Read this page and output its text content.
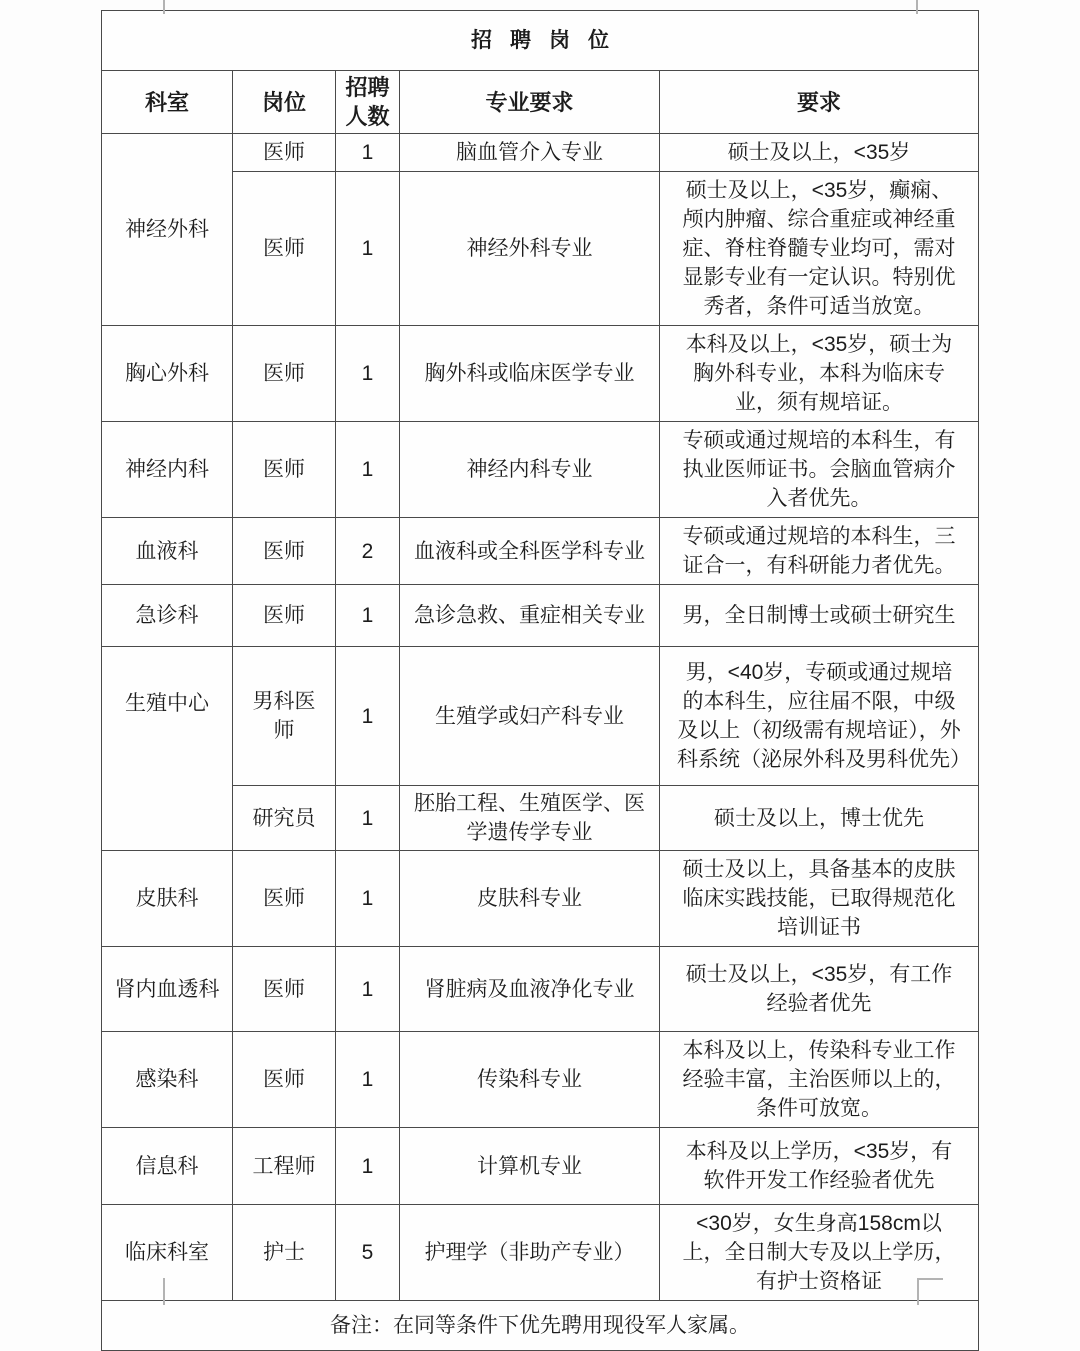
招聘岗位				
科室	岗位	招聘人数	专业要求	要求
神经外科	医师	1	脑血管介入专业	硕士及以上，<35岁
	医师	1	神经外科专业	硕士及以上，<35岁，癫痫、颅内肿瘤、综合重症或神经重症、脊柱脊髓专业均可，需对显影专业有一定认识。特别优秀者，条件可适当放宽。
胸心外科	医师	1	胸外科或临床医学专业	本科及以上，<35岁，硕士为胸外科专业，本科为临床专业，须有规培证。
神经内科	医师	1	神经内科专业	专硕或通过规培的本科生，有执业医师证书。会脑血管病介入者优先。
血液科	医师	2	血液科或全科医学科专业	专硕或通过规培的本科生，三证合一，有科研能力者优先。
急诊科	医师	1	急诊急救、重症相关专业	男，全日制博士或硕士研究生
生殖中心	男科医师	1	生殖学或妇产科专业	男，<40岁，专硕或通过规培的本科生，应往届不限，中级及以上（初级需有规培证），外科系统（泌尿外科及男科优先）
	研究员	1	胚胎工程、生殖医学、医学遗传学专业	硕士及以上，博士优先
皮肤科	医师	1	皮肤科专业	硕士及以上，具备基本的皮肤临床实践技能，已取得规范化培训证书
肾内血透科	医师	1	肾脏病及血液净化专业	硕士及以上，<35岁，有工作经验者优先
感染科	医师	1	传染科专业	本科及以上，传染科专业工作经验丰富，主治医师以上的，条件可放宽。
信息科	工程师	1	计算机专业	本科及以上学历，<35岁，有软件开发工作经验者优先
临床科室	护士	5	护理学（非助产专业）	<30岁，女生身高158cm以上，全日制大专及以上学历，有护士资格证
备注：在同等条件下优先聘用现役军人家属。				
